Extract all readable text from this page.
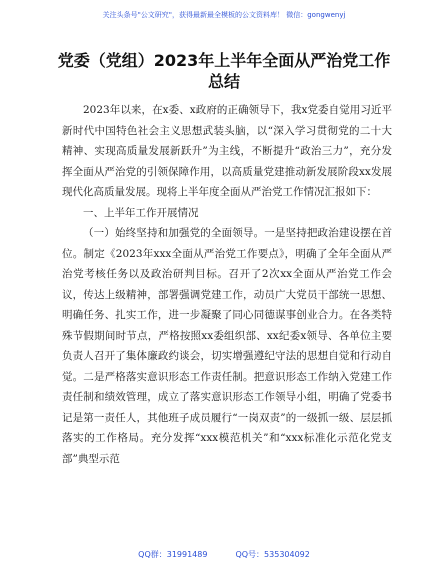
关注头条号"公文研究"，获得最新最全模板的公文资料库！ 微信：gongwenyj
党委（党组）2023年上半年全面从严治党工作
总结

2023年以来，在x委、x政府的正确领导下，我x党委自觉用习近平新时代中国特色社会主义思想武装头脑，以“深入学习贯彻党的二十大精神、实现高质量发展新跃升”为主线，不断提升“政治三力”，充分发挥全面从严治党的引领保障作用，以高质量党建推动新发展阶段xx发展现代化高质量发展。现将上半年度全面从严治党工作情况汇报如下：

一、上半年工作开展情况

（一）始终坚持和加强党的全面领导。一是坚持把政治建设摆在首位。制定《2023年xxx全面从严治党工作要点》，明确了全年全面从严治党考核任务以及政治研判目标。召开了2次xx全面从严治党工作会议，传达上级精神，部署强调党建工作，动员广大党员干部统一思想、明确任务、扎实工作，进一步凝聚了同心同德谋事创业合力。在各类特殊节假期间时节点，严格按照xx委组织部、xx纪委x领导、各单位主要负责人召开了集体廉政约谈会，切实增强遵纪守法的思想自觉和行动自觉。二是严格落实意识形态工作责任制。把意识形态工作纳入党建工作责任制和绩效管理，成立了落实意识形态工作领导小组，明确了党委书记是第一责任人，其他班子成员履行“一岗双责”的一级抓一级、层层抓落实的工作格局。充分发挥“xxx模范机关”和“xxx标准化示范化党支部”典型示范

QQ群：31991489	QQ号：535304092
